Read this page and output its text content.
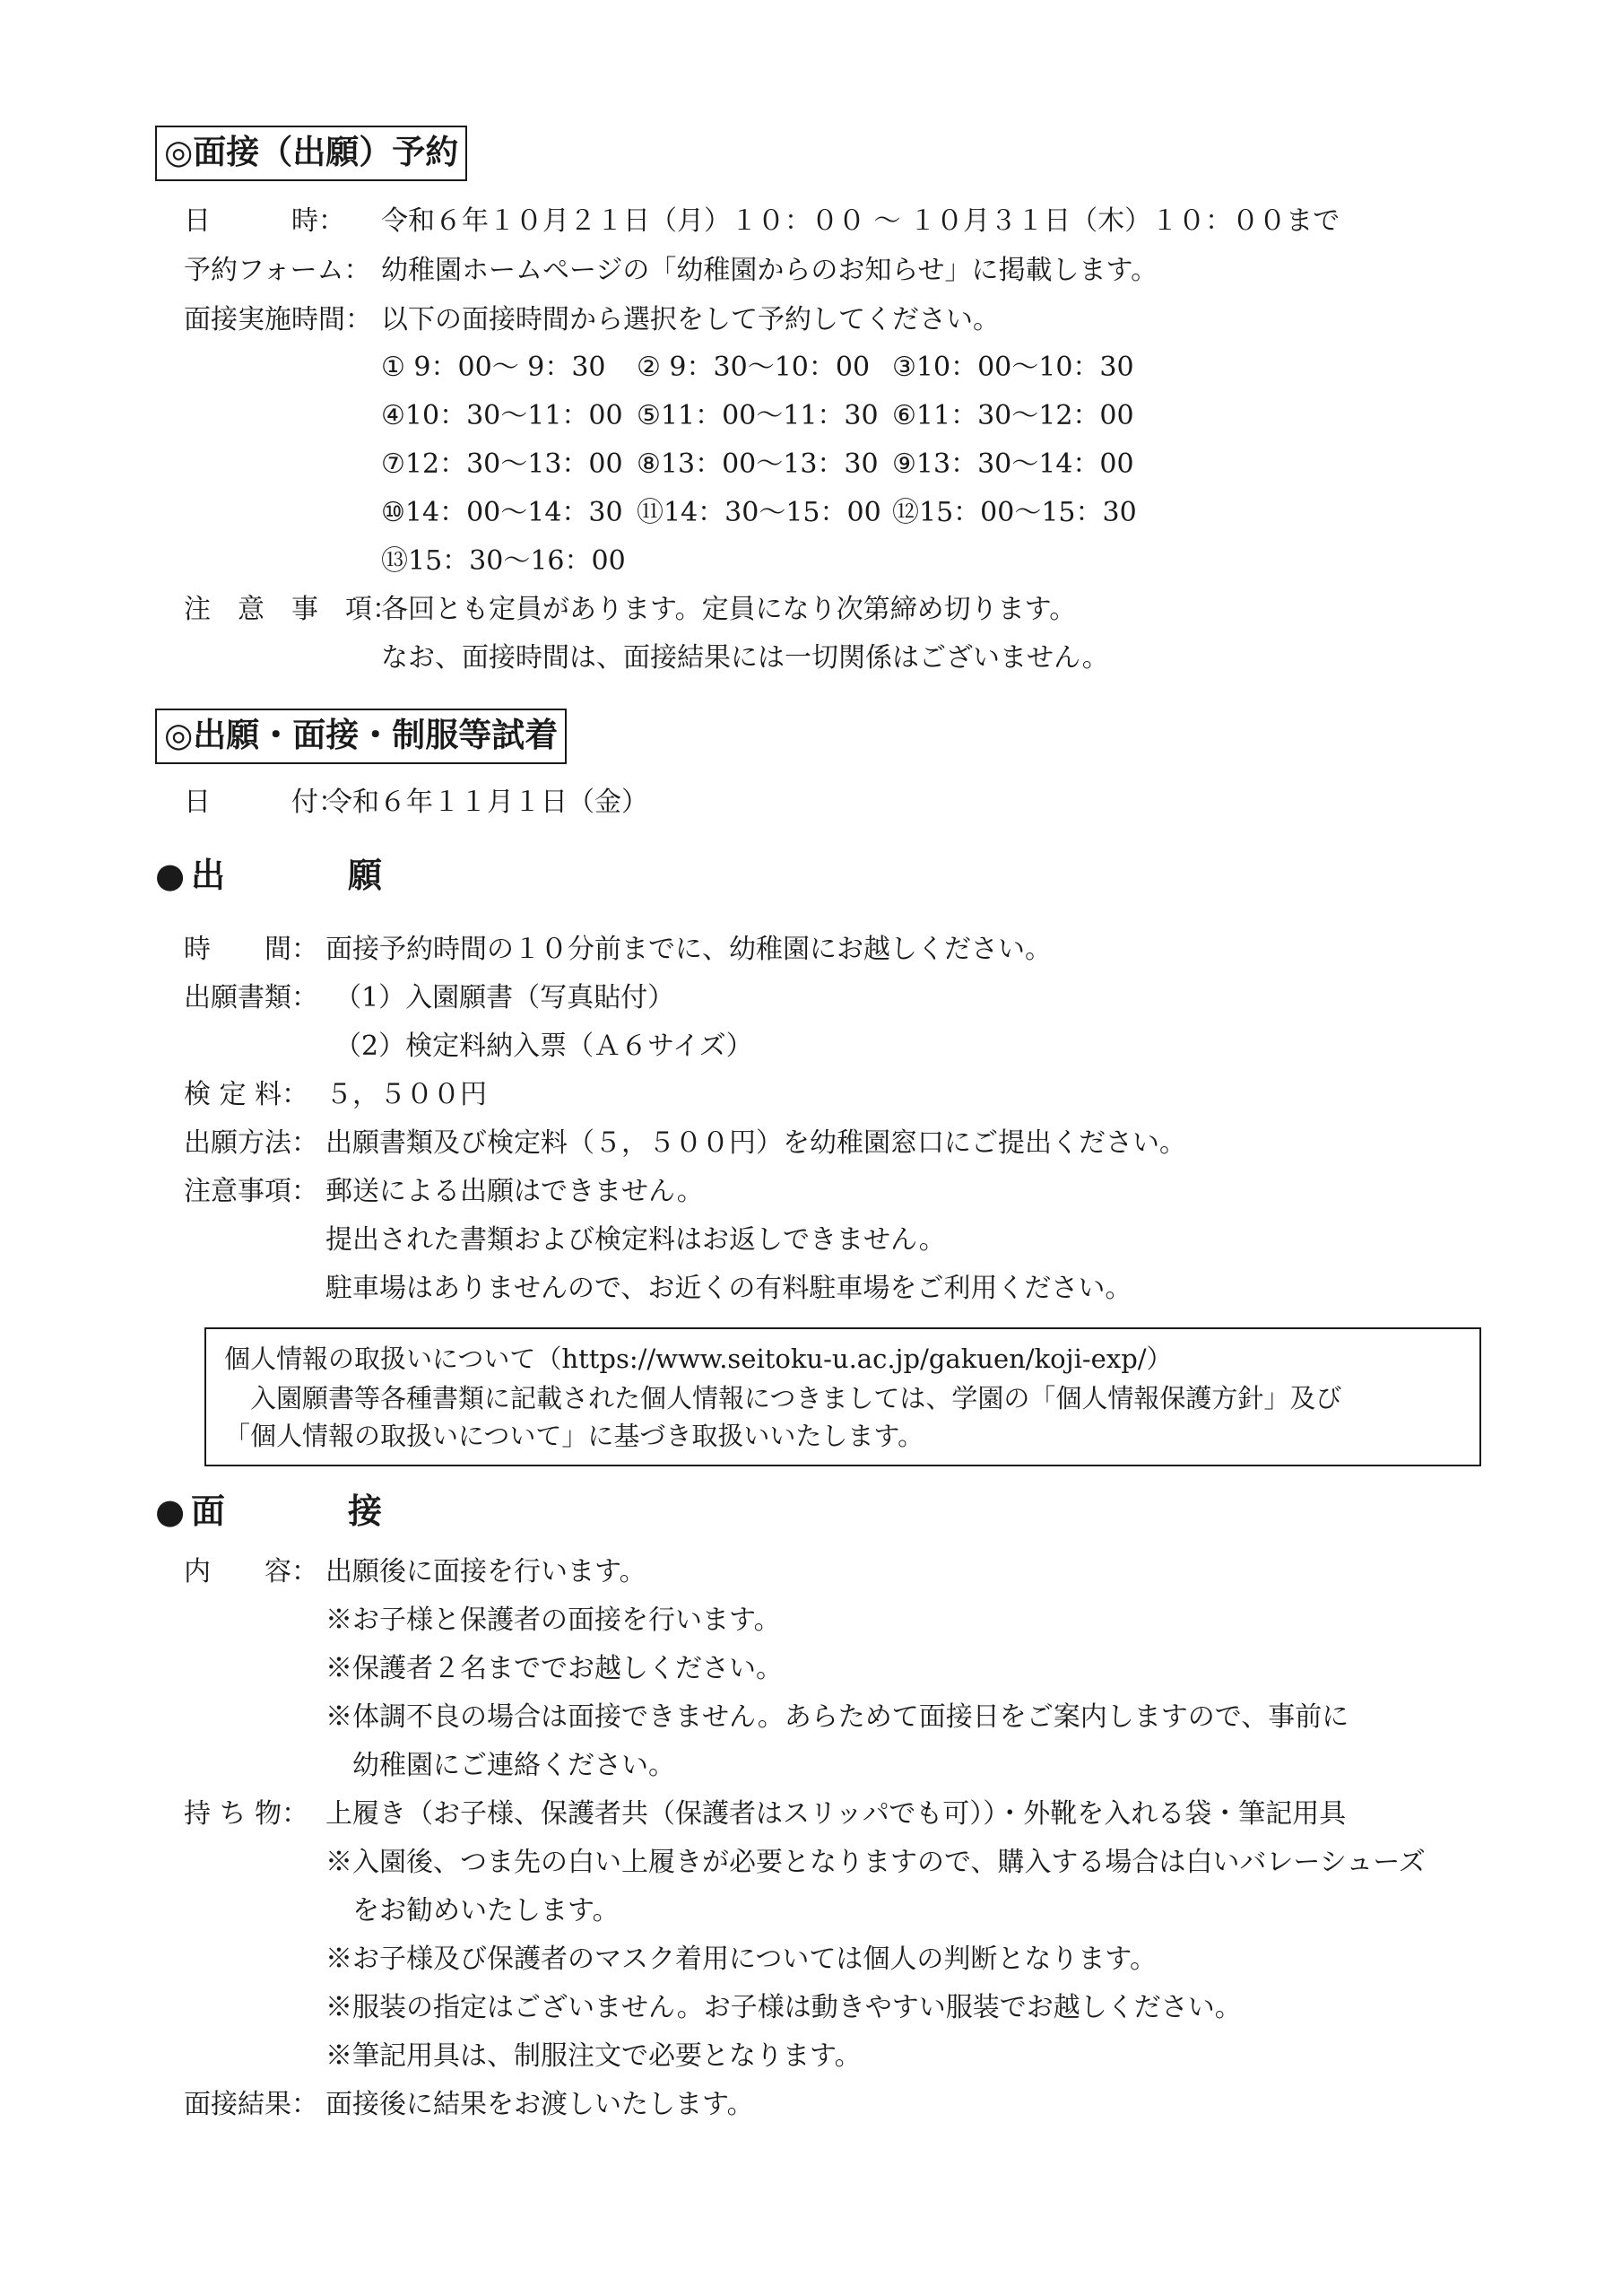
◎面接（出願）予約
日　　　時： 令和６年１０月２１日（月）１０：００ ～ １０月３１日（木）１０：００まで
予約フォーム： 幼稚園ホームページの「幼稚園からのお知らせ」に掲載します。
面接実施時間： 以下の面接時間から選択をして予約してください。
① 9：00～ 9：30 ② 9：30～10：00 ③10：00～10：30
④10：30～11：00 ⑤11：00～11：30 ⑥11：30～12：00
⑦12：30～13：00 ⑧13：00～13：30 ⑨13：30～14：00
⑩14：00～14：30 ⑪14：30～15：00 ⑫15：00～15：30
⑬15：30～16：00
注　意　事　項：
各回とも定員があります。定員になり次第締め切ります。
なお、面接時間は、面接結果には一切関係はございません。
◎出願・面接・制服等試着
日　　　付：
令和６年１１月１日（金）
● 出	願
時　　間： 面接予約時間の１０分前までに、幼稚園にお越しください。
出願書類： （1）入園願書（写真貼付）
（2）検定料納入票（Ａ６サイズ）
検 定 料： ５，５００円
出願方法： 出願書類及び検定料（５，５００円）を幼稚園窓口にご提出ください。
注意事項： 郵送による出願はできません。
提出された書類および検定料はお返しできません。
駐車場はありませんので、お近くの有料駐車場をご利用ください。
個人情報の取扱いについて（https://www.seitoku-u.ac.jp/gakuen/koji-exp/）
　入園願書等各種書類に記載された個人情報につきましては、学園の「個人情報保護方針」及び
「個人情報の取扱いについて」に基づき取扱いいたします。
● 面	接
内　　容： 出願後に面接を行います。
※お子様と保護者の面接を行います。
※保護者２名まででお越しください。
※体調不良の場合は面接できません。あらためて面接日をご案内しますので、事前に
　幼稚園にご連絡ください。
持 ち 物： 上履き（お子様、保護者共（保護者はスリッパでも可））・外靴を入れる袋・筆記用具
※入園後、つま先の白い上履きが必要となりますので、購入する場合は白いバレーシューズ
　をお勧めいたします。
※お子様及び保護者のマスク着用については個人の判断となります。
※服装の指定はございません。お子様は動きやすい服装でお越しください。
※筆記用具は、制服注文で必要となります。
面接結果： 面接後に結果をお渡しいたします。
